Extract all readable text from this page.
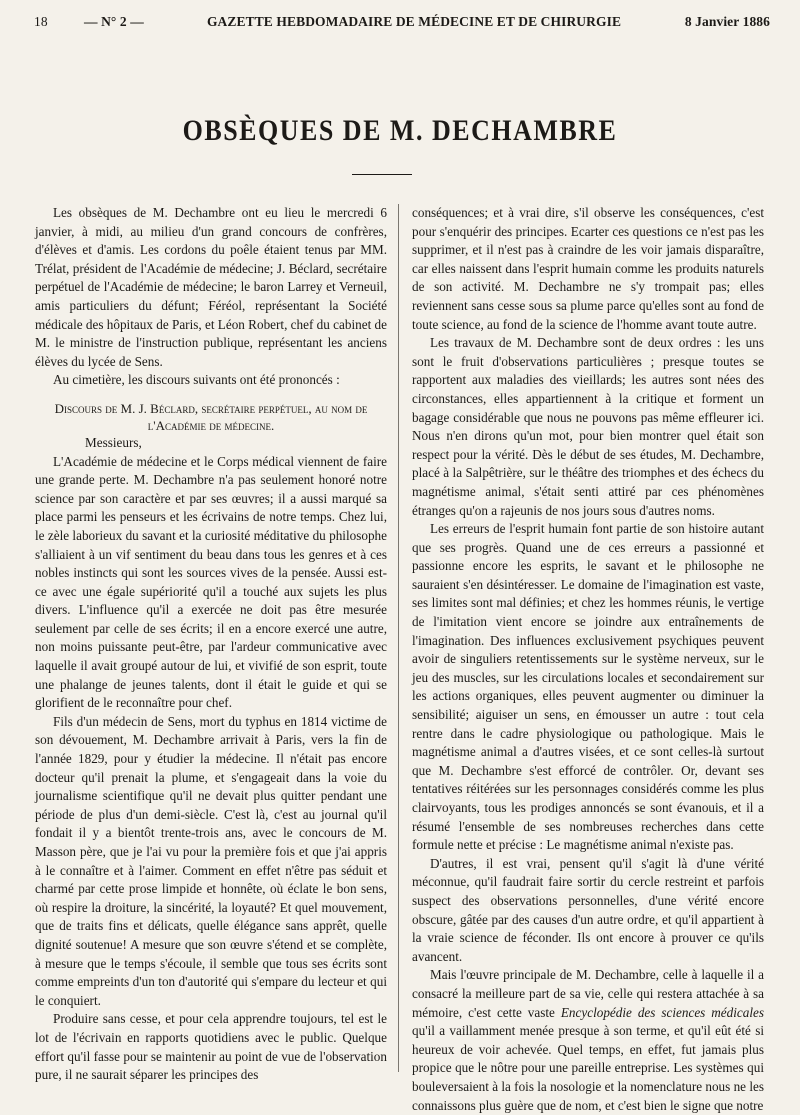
18	— N° 2 —	GAZETTE HEBDOMADAIRE DE MÉDECINE ET DE CHIRURGIE	8 Janvier 1886
OBSÈQUES DE M. DECHAMBRE

Les obsèques de M. Dechambre ont eu lieu le mercredi 6 janvier, à midi, au milieu d'un grand concours de confrères, d'élèves et d'amis. Les cordons du poêle étaient tenus par MM. Trélat, président de l'Académie de médecine; J. Béclard, secrétaire perpétuel de l'Académie de médecine; le baron Larrey et Verneuil, amis particuliers du défunt; Féréol, représentant la Société médicale des hôpitaux de Paris, et Léon Robert, chef du cabinet de M. le ministre de l'instruction publique, représentant les anciens élèves du lycée de Sens.

Au cimetière, les discours suivants ont été prononcés :

Discours de M. J. Béclard, secrétaire perpétuel, au nom de l'Académie de médecine.

Messieurs,

L'Académie de médecine et le Corps médical viennent de faire une grande perte. M. Dechambre n'a pas seulement honoré notre science par son caractère et par ses œuvres; il a aussi marqué sa place parmi les penseurs et les écrivains de notre temps. Chez lui, le zèle laborieux du savant et la curiosité méditative du philosophe s'alliaient à un vif sentiment du beau dans tous les genres et à ces nobles instincts qui sont les sources vives de la pensée. Aussi est-ce avec une égale supériorité qu'il a touché aux sujets les plus divers. L'influence qu'il a exercée ne doit pas être mesurée seulement par celle de ses écrits; il en a encore exercé une autre, non moins puissante peut-être, par l'ardeur communicative avec laquelle il avait groupé autour de lui, et vivifié de son esprit, toute une phalange de jeunes talents, dont il était le guide et qui se glorifient de le reconnaître pour chef.

Fils d'un médecin de Sens, mort du typhus en 1814 victime de son dévouement, M. Dechambre arrivait à Paris, vers la fin de l'année 1829, pour y étudier la médecine. Il n'était pas encore docteur qu'il prenait la plume, et s'engageait dans la voie du journalisme scientifique qu'il ne devait plus quitter pendant une période de plus d'un demi-siècle. C'est là, c'est au journal qu'il fondait il y a bientôt trente-trois ans, avec le concours de M. Masson père, que je l'ai vu pour la première fois et que j'ai appris à le connaître et à l'aimer. Comment en effet n'être pas séduit et charmé par cette prose limpide et honnête, où éclate le bon sens, où respire la droiture, la sincérité, la loyauté? Et quel mouvement, que de traits fins et délicats, quelle élégance sans apprêt, quelle dignité soutenue! A mesure que son œuvre s'étend et se complète, à mesure que le temps s'écoule, il semble que tous ses écrits sont comme empreints d'un ton d'autorité qui s'empare du lecteur et qui le conquiert.

Produire sans cesse, et pour cela apprendre toujours, tel est le lot de l'écrivain en rapports quotidiens avec le public. Quelque effort qu'il fasse pour se maintenir au point de vue de l'observation pure, il ne saurait séparer les principes des

conséquences; et à vrai dire, s'il observe les conséquences, c'est pour s'enquérir des principes. Ecarter ces questions ce n'est pas les supprimer, et il n'est pas à craindre de les voir jamais disparaître, car elles naissent dans l'esprit humain comme les produits naturels de son activité. M. Dechambre ne s'y trompait pas; elles reviennent sans cesse sous sa plume parce qu'elles sont au fond de toute science, au fond de la science de l'homme avant toute autre.

Les travaux de M. Dechambre sont de deux ordres : les uns sont le fruit d'observations particulières ; presque toutes se rapportent aux maladies des vieillards; les autres sont nées des circonstances, elles appartiennent à la critique et forment un bagage considérable que nous ne pouvons pas même effleurer ici. Nous n'en dirons qu'un mot, pour bien montrer quel était son respect pour la vérité. Dès le début de ses études, M. Dechambre, placé à la Salpêtrière, sur le théâtre des triomphes et des échecs du magnétisme animal, s'était senti attiré par ces phénomènes étranges qu'on a rajeunis de nos jours sous d'autres noms.

Les erreurs de l'esprit humain font partie de son histoire autant que ses progrès. Quand une de ces erreurs a passionné et passionne encore les esprits, le savant et le philosophe ne sauraient s'en désintéresser. Le domaine de l'imagination est vaste, ses limites sont mal définies; et chez les hommes réunis, le vertige de l'imitation vient encore se joindre aux entraînements de l'imagination. Des influences exclusivement psychiques peuvent avoir de singuliers retentissements sur le système nerveux, sur le jeu des muscles, sur les circulations locales et secondairement sur les actions organiques, elles peuvent augmenter ou diminuer la sensibilité; aiguiser un sens, en émousser un autre : tout cela rentre dans le cadre physiologique ou pathologique. Mais le magnétisme animal a d'autres visées, et ce sont celles-là surtout que M. Dechambre s'est efforcé de contrôler. Or, devant ses tentatives réitérées sur les personnages considérés comme les plus clairvoyants, tous les prodiges annoncés se sont évanouis, et il a résumé l'ensemble de ses nombreuses recherches dans cette formule nette et précise : Le magnétisme animal n'existe pas.

D'autres, il est vrai, pensent qu'il s'agit là d'une vérité méconnue, qu'il faudrait faire sortir du cercle restreint et parfois suspect des observations personnelles, d'une vérité encore obscure, gâtée par des causes d'un autre ordre, et qu'il appartient à la vraie science de féconder. Ils ont encore à prouver ce qu'ils avancent.

Mais l'œuvre principale de M. Dechambre, celle à laquelle il a consacré la meilleure part de sa vie, celle qui restera attachée à sa mémoire, c'est cette vaste Encyclopédie des sciences médicales qu'il a vaillamment menée presque à son terme, et qu'il eût été si heureux de voir achevée. Quel temps, en effet, fut jamais plus propice que le nôtre pour une pareille entreprise. Les systèmes qui bouleversaient à la fois la nosologie et la nomenclature nous ne les connaissons plus guère que de nom, et c'est bien le signe que notre
